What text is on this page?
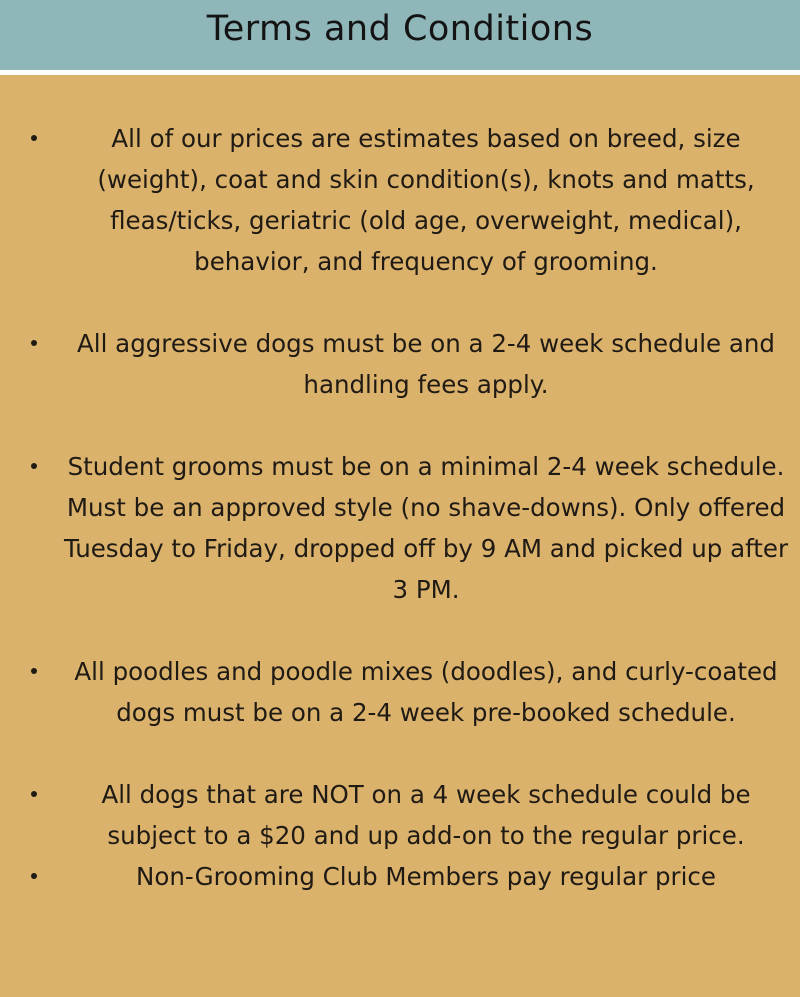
Terms and Conditions
All of our prices are estimates based on breed, size (weight), coat and skin condition(s), knots and matts, fleas/ticks, geriatric (old age, overweight, medical), behavior, and frequency of grooming.
All aggressive dogs must be on a 2-4 week schedule and handling fees apply.
Student grooms must be on a minimal 2-4 week schedule. Must be an approved style (no shave-downs). Only offered Tuesday to Friday, dropped off by 9 AM and picked up after 3 PM.
All poodles and poodle mixes (doodles), and curly-coated dogs must be on a 2-4 week pre-booked schedule.
All dogs that are NOT on a 4 week schedule could be subject to a $20 and up add-on to the regular price.
Non-Grooming Club Members pay regular price
